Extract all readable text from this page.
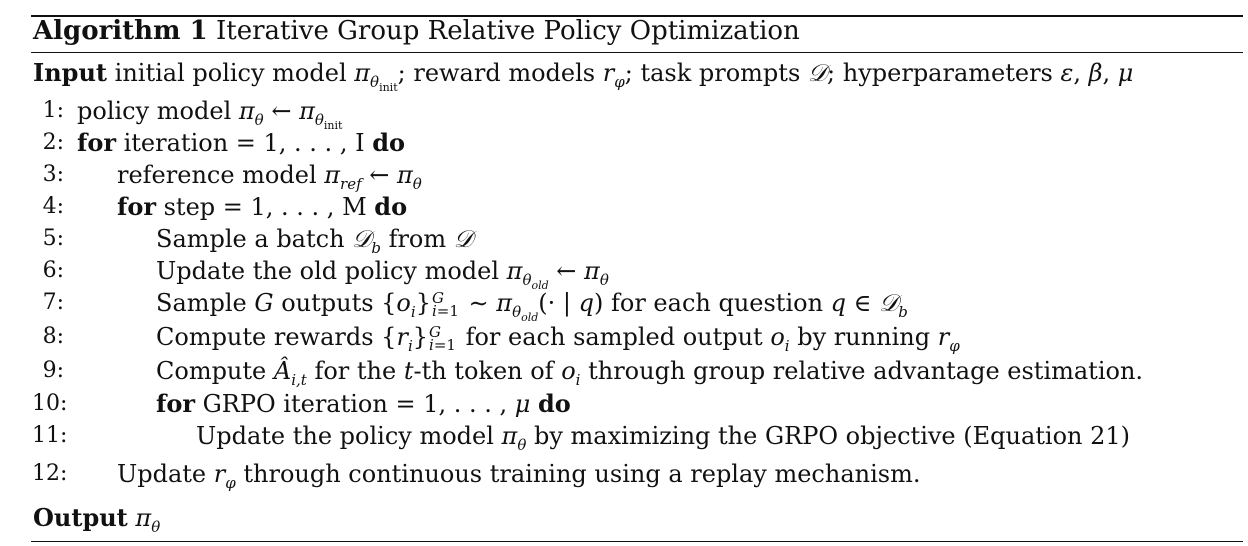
Algorithm 1 Iterative Group Relative Policy Optimization
Input initial policy model $\pi_{\theta_{init}}$; reward models $r_\varphi$; task prompts 𝒟; hyperparameters ε, β, μ
1: policy model $\pi_\theta$ ← $\pi_{\theta_{init}}$
2: for iteration = 1, . . . , I do
3: reference model $\pi_{ref}$ ← $\pi_\theta$
4: for step = 1, . . . , M do
5:	Sample a batch 𝒟$_b$ from 𝒟
6:	Update the old policy model $\pi_{\theta_{old}}$ ← $\pi_\theta$
7:	Sample G outputs $\{o_i\}$ G
i=1 ∼ $\pi_{\theta_{old}}(\cdot$ | q) for each question q ∈ 𝒟$_b$
8:	Compute rewards $\{r_i\}$ G
i=1 for each sampled output $o_i$ by running $r_\varphi$
9:	Compute $Â_{i,t}$ for the t-th token of $o_i$ through group relative advantage estimation.
10:	for GRPO iteration = 1, . . . , μ do
11:	Update the policy model $\pi_\theta$ by maximizing the GRPO objective (Equation 21)
12: Update $r_\varphi$ through continuous training using a replay mechanism.
Output $\pi_\theta$
